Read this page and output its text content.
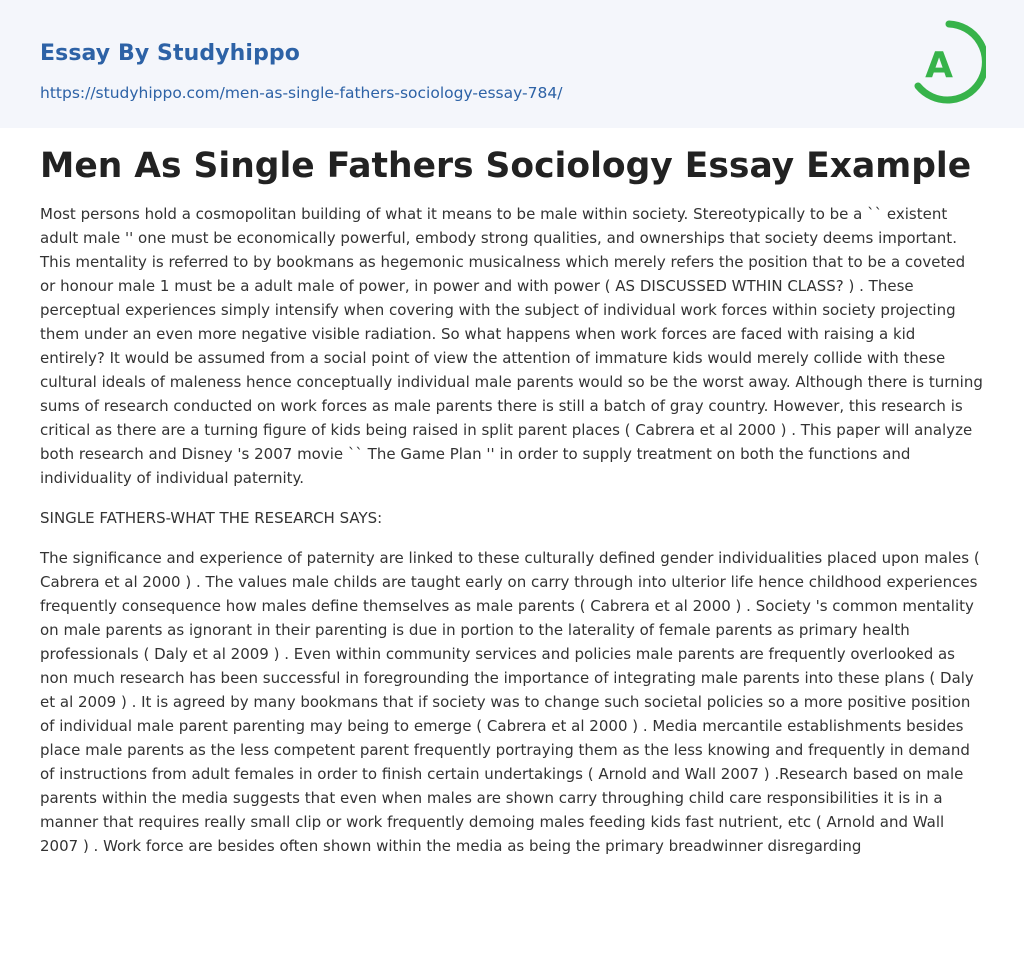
Essay By Studyhippo
https://studyhippo.com/men-as-single-fathers-sociology-essay-784/
A
Men As Single Fathers Sociology Essay Example

Most persons hold a cosmopolitan building of what it means to be male within society. Stereotypically to be a `` existent adult male '' one must be economically powerful, embody strong qualities, and ownerships that society deems important. This mentality is referred to by bookmans as hegemonic musicalness which merely refers the position that to be a coveted or honour male 1 must be a adult male of power, in power and with power ( AS DISCUSSED WTHIN CLASS? ) . These perceptual experiences simply intensify when covering with the subject of individual work forces within society projecting them under an even more negative visible radiation. So what happens when work forces are faced with raising a kid entirely? It would be assumed from a social point of view the attention of immature kids would merely collide with these cultural ideals of maleness hence conceptually individual male parents would so be the worst away. Although there is turning sums of research conducted on work forces as male parents there is still a batch of gray country. However, this research is critical as there are a turning figure of kids being raised in split parent places ( Cabrera et al 2000 ) . This paper will analyze both research and Disney 's 2007 movie `` The Game Plan '' in order to supply treatment on both the functions and individuality of individual paternity.

SINGLE FATHERS-WHAT THE RESEARCH SAYS:

The significance and experience of paternity are linked to these culturally defined gender individualities placed upon males ( Cabrera et al 2000 ) . The values male childs are taught early on carry through into ulterior life hence childhood experiences frequently consequence how males define themselves as male parents ( Cabrera et al 2000 ) . Society 's common mentality on male parents as ignorant in their parenting is due in portion to the laterality of female parents as primary health professionals ( Daly et al 2009 ) . Even within community services and policies male parents are frequently overlooked as non much research has been successful in foregrounding the importance of integrating male parents into these plans ( Daly et al 2009 ) . It is agreed by many bookmans that if society was to change such societal policies so a more positive position of individual male parent parenting may being to emerge ( Cabrera et al 2000 ) . Media mercantile establishments besides place male parents as the less competent parent frequently portraying them as the less knowing and frequently in demand of instructions from adult females in order to finish certain undertakings ( Arnold and Wall 2007 ) .Research based on male parents within the media suggests that even when males are shown carry throughing child care responsibilities it is in a manner that requires really small clip or work frequently demoing males feeding kids fast nutrient, etc ( Arnold and Wall 2007 ) . Work force are besides often shown within the media as being the primary breadwinner disregarding
